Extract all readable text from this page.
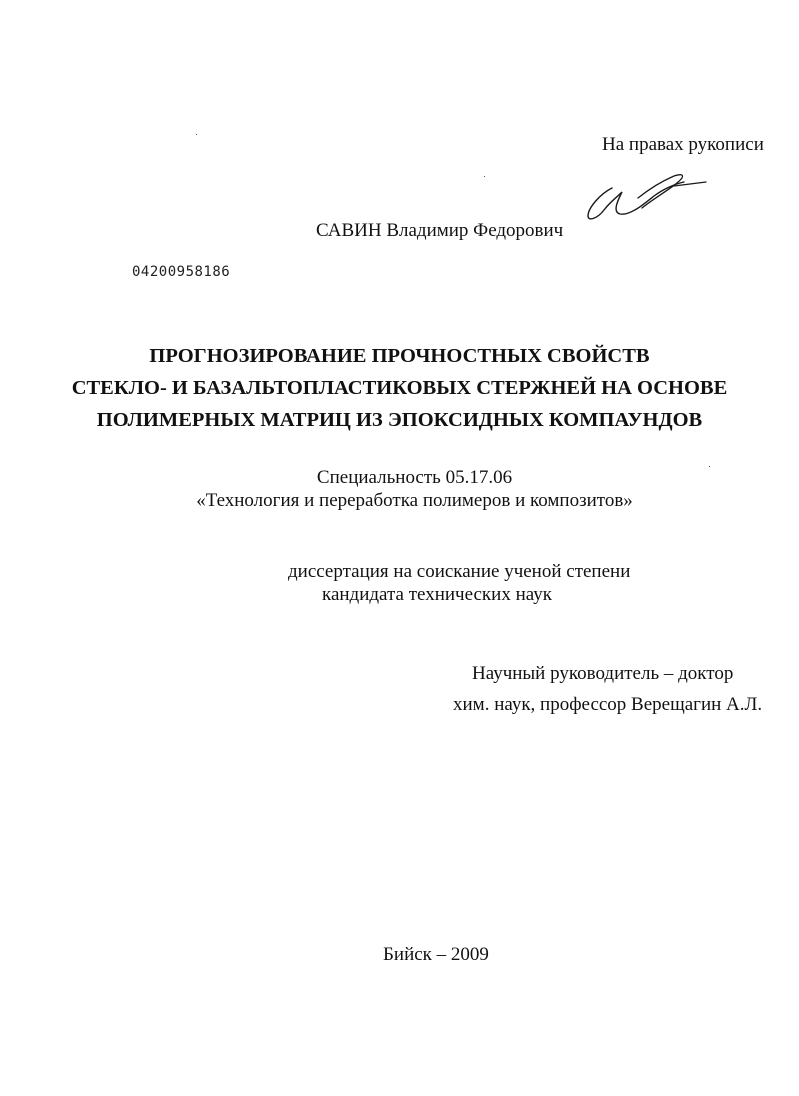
На правах рукописи
САВИН Владимир Федорович
04200958186
ПРОГНОЗИРОВАНИЕ ПРОЧНОСТНЫХ СВОЙСТВ
СТЕКЛО- И БАЗАЛЬТОПЛАСТИКОВЫХ СТЕРЖНЕЙ НА ОСНОВЕ
ПОЛИМЕРНЫХ МАТРИЦ ИЗ ЭПОКСИДНЫХ КОМПАУНДОВ
Специальность 05.17.06
«Технология и переработка полимеров и композитов»
диссертация на соискание ученой степени
кандидата технических наук
Научный руководитель – доктор
хим. наук, профессор Верещагин А.Л.
Бийск – 2009
